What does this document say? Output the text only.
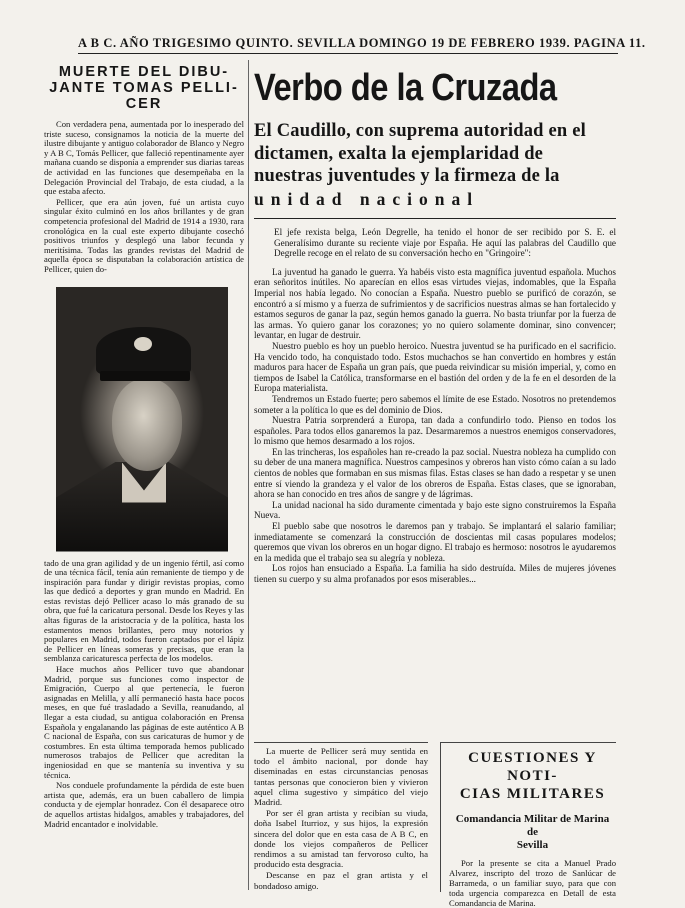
A B C. AÑO TRIGESIMO QUINTO. SEVILLA DOMINGO 19 DE FEBRERO 1939. PAGINA 11.
MUERTE DEL DIBU-
JANTE TOMAS PELLI-
CER

Con verdadera pena, aumentada por lo inesperado del triste suceso, consignamos la noticia de la muerte del ilustre dibujante y antiguo colaborador de Blanco y Negro y A B C, Tomás Pellicer, que falleció repentinamente ayer mañana cuando se disponía a emprender sus diarias tareas de actividad en las funciones que desempeñaba en la Delegación Provincial del Trabajo, de esta ciudad, a la que estaba afecto.

Pellicer, que era aún joven, fué un artista cuyo singular éxito culminó en los años brillantes y de gran competencia profesional del Madrid de 1914 a 1930, rara cronológica en la cual este experto dibujante cosechó positivos triunfos y desplegó una labor fecunda y meritísima. Todas las grandes revistas del Madrid de aquella época se disputaban la colaboración artística de Pellicer, quien do-

tado de una gran agilidad y de un ingenio fértil, así como de una técnica fácil, tenía aún remaniente de tiempo y de inspiración para fundar y dirigir revistas propias, como las que dedicó a deportes y gran mundo en Madrid. En estas revistas dejó Pellicer acaso lo más granado de su obra, que fué la caricatura personal. Desde los Reyes y las altas figuras de la aristocracia y de la política, hasta los estamentos menos brillantes, pero muy notorios y populares en Madrid, todos fueron captados por el lápiz de Pellicer en líneas someras y precisas, que eran la semblanza caricaturesca perfecta de los modelos.

Hace muchos años Pellicer tuvo que abandonar Madrid, porque sus funciones como inspector de Emigración, Cuerpo al que pertenecía, le fueron asignadas en Melilla, y allí permaneció hasta hace pocos meses, en que fué trasladado a Sevilla, reanudando, al llegar a esta ciudad, su antigua colaboración en Prensa Española y engalanando las páginas de este auténtico A B C nacional de España, con sus caricaturas de humor y de costumbres. En esta última temporada hemos publicado numerosos trabajos de Pellicer que acreditan la ingeniosidad en que se mantenía su inventiva y su técnica.

Nos conduele profundamente la pérdida de este buen artista que, además, era un buen caballero de limpia conducta y de ejemplar honradez. Con él desaparece otro de aquellos artistas hidalgos, amables y trabajadores, del Madrid encantador e inolvidable.

Verbo de la Cruzada
El Caudillo, con suprema autoridad en el dictamen, exalta la ejemplaridad de nuestras juventudes y la firmeza de la
unidad nacional
El jefe rexista belga, León Degrelle, ha tenido el honor de ser recibido por S. E. el Generalísimo durante su reciente viaje por España. He aquí las palabras del Caudillo que Degrelle recoge en el relato de su conversación hecho en "Gringoire":

La juventud ha ganado le guerra. Ya habéis visto esta magnífica juventud española. Muchos eran señoritos inútiles. No aparecían en ellos esas virtudes viejas, indomables, que la España Imperial nos había legado. No conocían a España. Nuestro pueblo se purificó de corazón, se encontró a sí mismo y a fuerza de sufrimientos y de sacrificios nuestras almas se han fortalecido y estamos seguros de ganar la paz, según hemos ganado la guerra. No basta triunfar por la fuerza de las armas. Yo quiero ganar los corazones; yo no quiero solamente dominar, sino convencer; levantar, en lugar de destruir.

Nuestro pueblo es hoy un pueblo heroico. Nuestra juventud se ha purificado en el sacrificio. Ha vencido todo, ha conquistado todo. Estos muchachos se han convertido en hombres y están maduros para hacer de España un gran país, que pueda reivindicar su misión imperial, y, como en tiempos de Isabel la Católica, transformarse en el bastión del orden y de la fe en el desorden de la Europa materialista.

Tendremos un Estado fuerte; pero sabemos el límite de ese Estado. Nosotros no pretendemos someter a la política lo que es del dominio de Dios.

Nuestra Patria sorprenderá a Europa, tan dada a confundirlo todo. Pienso en todos los españoles. Para todos ellos ganaremos la paz. Desarmaremos a nuestros enemigos conservadores, lo mismo que hemos desarmado a los rojos.

En las trincheras, los españoles han re-creado la paz social. Nuestra nobleza ha cumplido con su deber de una manera magnífica. Nuestros campesinos y obreros han visto cómo caían a su lado cientos de nobles que formaban en sus mismas filas. Estas clases se han dado a respetar y se unen entre sí viendo la grandeza y el valor de los obreros de España. Estas clases, que se ignoraban, ahora se han conocido en tres años de sangre y de lágrimas.

La unidad nacional ha sido duramente cimentada y bajo este signo construiremos la España Nueva.

El pueblo sabe que nosotros le daremos pan y trabajo. Se implantará el salario familiar; inmediatamente se comenzará la construcción de doscientas mil casas populares modelos; queremos que vivan los obreros en un hogar digno. El trabajo es hermoso: nosotros le ayudaremos en la medida que el trabajo sea su alegría y nobleza.

Los rojos han ensuciado a España. La familia ha sido destruída. Miles de mujeres jóvenes tienen su cuerpo y su alma profanados por esos miserables...

La muerte de Pellicer será muy sentida en todo el ámbito nacional, por donde hay diseminadas en estas circunstancias penosas tantas personas que conocieron bien y vivieron aquel clima sugestivo y simpático del viejo Madrid.

Por ser él gran artista y recibían su viuda, doña Isabel Iturrioz, y sus hijos, la expresión sincera del dolor que en esta casa de A B C, en donde los viejos compañeros de Pellicer rendimos a su amistad tan fervoroso culto, ha producido esta desgracia.

Descanse en paz el gran artista y el bondadoso amigo.

CUESTIONES Y NOTI-
CIAS MILITARES
Comandancia Militar de Marina de
Sevilla

Por la presente se cita a Manuel Prado Alvarez, inscripto del trozo de Sanlúcar de Barrameda, o un familiar suyo, para que con toda urgencia comparezca en Detall de esta Comandancia de Marina.
